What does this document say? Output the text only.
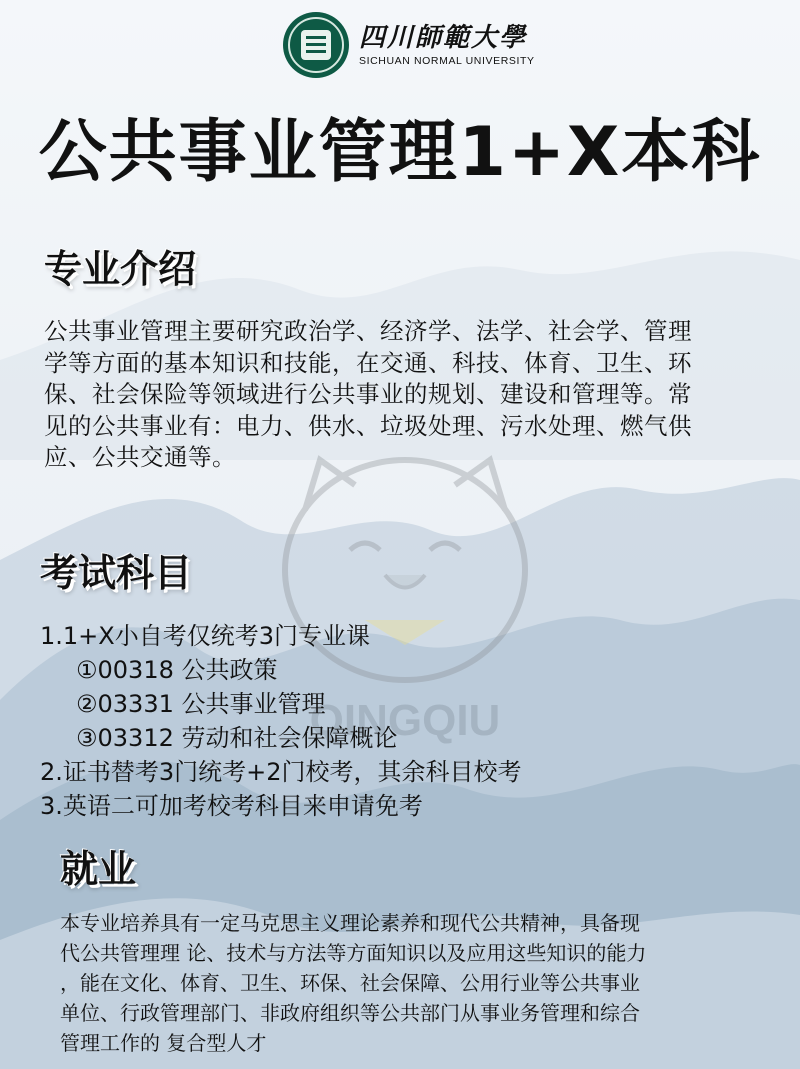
QINGQIU
四川師範大學
SICHUAN NORMAL UNIVERSITY
公共事业管理1+X本科
专业介绍
公共事业管理主要研究政治学、经济学、法学、社会学、管理
学等方面的基本知识和技能，在交通、科技、体育、卫生、环
保、社会保险等领域进行公共事业的规划、建设和管理等。常
见的公共事业有：电力、供水、垃圾处理、污水处理、燃气供
应、公共交通等。
考试科目
1.1+X小自考仅统考3门专业课
①00318 公共政策
②03331 公共事业管理
③03312 劳动和社会保障概论
2.证书替考3门统考+2门校考，其余科目校考
3.英语二可加考校考科目来申请免考
就业
本专业培养具有一定马克思主义理论素养和现代公共精神，具备现
代公共管理理 论、技术与方法等方面知识以及应用这些知识的能力
，能在文化、体育、卫生、环保、社会保障、公用行业等公共事业
单位、行政管理部门、非政府组织等公共部门从事业务管理和综合
管理工作的 复合型人才
